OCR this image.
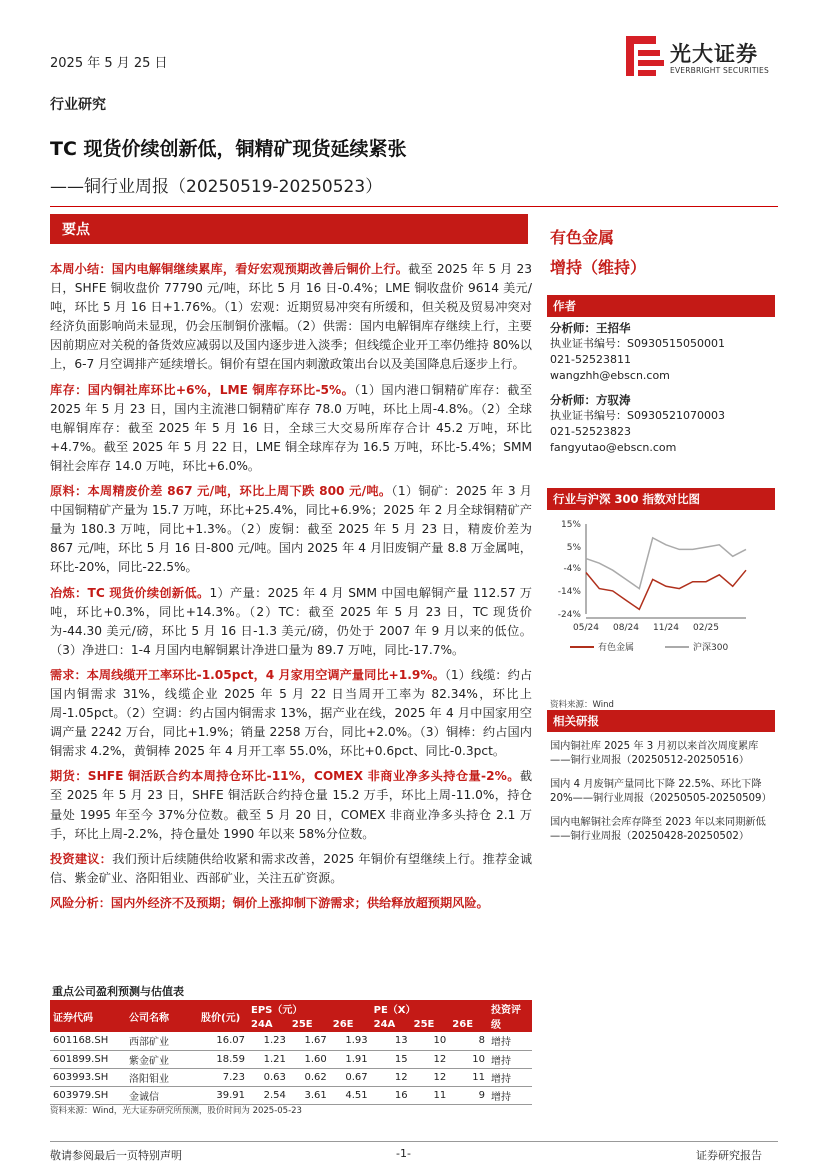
2025 年 5 月 25 日
行业研究
TC 现货价续创新低，铜精矿现货延续紧张
——铜行业周报（20250519-20250523）
光大证券
EVERBRIGHT SECURITIES
要点

本周小结：国内电解铜继续累库，看好宏观预期改善后铜价上行。截至 2025 年 5 月 23 日，SHFE 铜收盘价 77790 元/吨，环比 5 月 16 日-0.4%；LME 铜收盘价 9614 美元/吨，环比 5 月 16 日+1.76%。（1）宏观：近期贸易冲突有所缓和，但关税及贸易冲突对经济负面影响尚未显现，仍会压制铜价涨幅。（2）供需：国内电解铜库存继续上行，主要因前期应对关税的备货效应减弱以及国内逐步进入淡季；但线缆企业开工率仍维持 80%以上，6-7 月空调排产延续增长。铜价有望在国内刺激政策出台以及美国降息后逐步上行。

库存：国内铜社库环比+6%，LME 铜库存环比-5%。（1）国内港口铜精矿库存：截至 2025 年 5 月 23 日，国内主流港口铜精矿库存 78.0 万吨，环比上周-4.8%。（2）全球电解铜库存：截至 2025 年 5 月 16 日，全球三大交易所库存合计 45.2 万吨，环比+4.7%。截至 2025 年 5 月 22 日，LME 铜全球库存为 16.5 万吨，环比-5.4%；SMM 铜社会库存 14.0 万吨，环比+6.0%。

原料：本周精废价差 867 元/吨，环比上周下跌 800 元/吨。（1）铜矿：2025 年 3 月中国铜精矿产量为 15.7 万吨，环比+25.4%，同比+6.9%；2025 年 2 月全球铜精矿产量为 180.3 万吨，同比+1.3%。（2）废铜：截至 2025 年 5 月 23 日，精废价差为 867 元/吨，环比 5 月 16 日-800 元/吨。国内 2025 年 4 月旧废铜产量 8.8 万金属吨，环比-20%，同比-22.5%。

冶炼：TC 现货价续创新低。1）产量：2025 年 4 月 SMM 中国电解铜产量 112.57 万吨，环比+0.3%，同比+14.3%。（2）TC：截至 2025 年 5 月 23 日，TC 现货价为-44.30 美元/磅，环比 5 月 16 日-1.3 美元/磅，仍处于 2007 年 9 月以来的低位。（3）净进口：1-4 月国内电解铜累计净进口量为 89.7 万吨，同比-17.7%。

需求：本周线缆开工率环比-1.05pct，4 月家用空调产量同比+1.9%。（1）线缆：约占国内铜需求 31%，线缆企业 2025 年 5 月 22 日当周开工率为 82.34%，环比上周-1.05pct。（2）空调：约占国内铜需求 13%，据产业在线，2025 年 4 月中国家用空调产量 2242 万台，同比+1.9%；销量 2258 万台，同比+2.0%。（3）铜棒：约占国内铜需求 4.2%，黄铜棒 2025 年 4 月开工率 55.0%，环比+0.6pct、同比-0.3pct。

期货：SHFE 铜活跃合约本周持仓环比-11%，COMEX 非商业净多头持仓量-2%。截至 2025 年 5 月 23 日，SHFE 铜活跃合约持仓量 15.2 万手，环比上周-11.0%，持仓量处 1995 年至今 37%分位数。截至 5 月 20 日，COMEX 非商业净多头持仓 2.1 万手，环比上周-2.2%，持仓量处 1990 年以来 58%分位数。

投资建议：我们预计后续随供给收紧和需求改善，2025 年铜价有望继续上行。推荐金诚信、紫金矿业、洛阳钼业、西部矿业，关注五矿资源。

风险分析：国内外经济不及预期；铜价上涨抑制下游需求；供给释放超预期风险。

有色金属
增持（维持）
作者
分析师：王招华
执业证书编号：S0930515050001
021-52523811
wangzhh@ebscn.com
分析师：方驭涛
执业证书编号：S0930521070003
021-52523823
fangyutao@ebscn.com
行业与沪深 300 指数对比图
15%
5%
-4%
-14%
-24%
05/24 08/24 11/24 02/25
有色金属	沪深300
资料来源：Wind
相关研报
国内铜社库 2025 年 3 月初以来首次周度累库——铜行业周报（20250512-20250516）
国内 4 月废铜产量同比下降 22.5%、环比下降 20%——铜行业周报（20250505-20250509）
国内电解铜社会库存降至 2023 年以来同期新低——铜行业周报（20250428-20250502）
重点公司盈利预测与估值表
证券代码	公司名称	股价(元)	EPS（元）			PE（X）			投资评级
			24A	25E	26E	24A	25E	26E	
601168.SH	西部矿业	16.07	1.23	1.67	1.93	13	10	8	增持
601899.SH	紫金矿业	18.59	1.21	1.60	1.91	15	12	10	增持
603993.SH	洛阳钼业	7.23	0.63	0.62	0.67	12	12	11	增持
603979.SH	金诚信	39.91	2.54	3.61	4.51	16	11	9	增持
资料来源：Wind，光大证券研究所预测，股价时间为 2025-05-23
敬请参阅最后一页特别声明	-1-	证券研究报告
